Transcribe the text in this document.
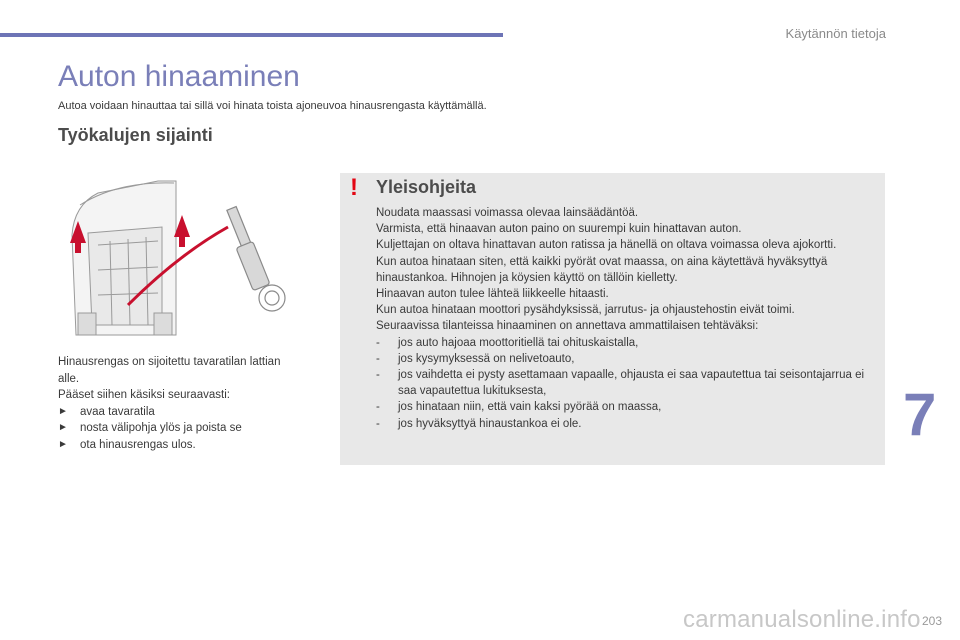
Käytännön tietoja
Auton hinaaminen
Autoa voidaan hinauttaa tai sillä voi hinata toista ajoneuvoa hinausrengasta käyttämällä.
Työkalujen sijainti

Hinausrengas on sijoitettu tavaratilan lattian alle.

Pääset siihen käsiksi seuraavasti:

►	avaa tavaratila
►	nosta välipohja ylös ja poista se
►	ota hinausrengas ulos.
! Yleisohjeita

Noudata maassasi voimassa olevaa lainsäädäntöä.

Varmista, että hinaavan auton paino on suurempi kuin hinattavan auton.

Kuljettajan on oltava hinattavan auton ratissa ja hänellä on oltava voimassa oleva ajokortti.

Kun autoa hinataan siten, että kaikki pyörät ovat maassa, on aina käytettävä hyväksyttyä hinaustankoa. Hihnojen ja köysien käyttö on tällöin kielletty.

Hinaavan auton tulee lähteä liikkeelle hitaasti.

Kun autoa hinataan moottori pysähdyksissä, jarrutus- ja ohjaustehostin eivät toimi.

Seuraavissa tilanteissa hinaaminen on annettava ammattilaisen tehtäväksi:

-	jos auto hajoaa moottoritiellä tai ohituskaistalla,
-	jos kysymyksessä on nelivetoauto,
-	jos vaihdetta ei pysty asettamaan vapaalle, ohjausta ei saa vapautettua tai seisontajarrua ei saa vapautettua lukituksesta,
-	jos hinataan niin, että vain kaksi pyörää on maassa,
-	jos hyväksyttyä hinaustankoa ei ole.	7
carmanualsonline.info 203
